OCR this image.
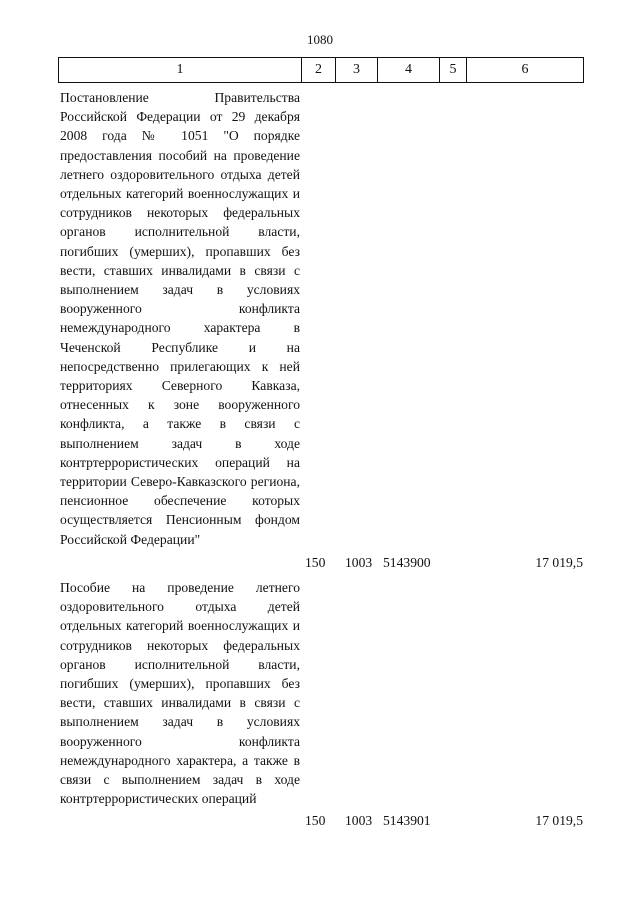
1080
1	2	3	4	5	6
Постановление Правительства Российской Федерации от 29 декабря 2008 года № 1051 "О порядке предоставления пособий на проведение летнего оздоровительного отдыха детей отдельных категорий военнослужащих и сотрудников некоторых федеральных органов исполнительной власти, погибших (умерших), пропавших без вести, ставших инвалидами в связи с выполнением задач в условиях вооруженного конфликта немеждународного характера в Чеченской Республике и на непосредственно прилегающих к ней территориях Северного Кавказа, отнесенных к зоне вооруженного конфликта, а также в связи с выполнением задач в ходе контртеррористических операций на территории Северо-Кавказского региона, пенсионное обеспечение которых осуществляется Пенсионным фондом Российской Федерации"
150 1003 5143900	17 019,5
Пособие на проведение летнего оздоровительного отдыха детей отдельных категорий военнослужащих и сотрудников некоторых федеральных органов исполнительной власти, погибших (умерших), пропавших без вести, ставших инвалидами в связи с выполнением задач в условиях вооруженного конфликта немеждународного характера, а также в связи с выполнением задач в ходе контртеррористических операций
150 1003 5143901	17 019,5
